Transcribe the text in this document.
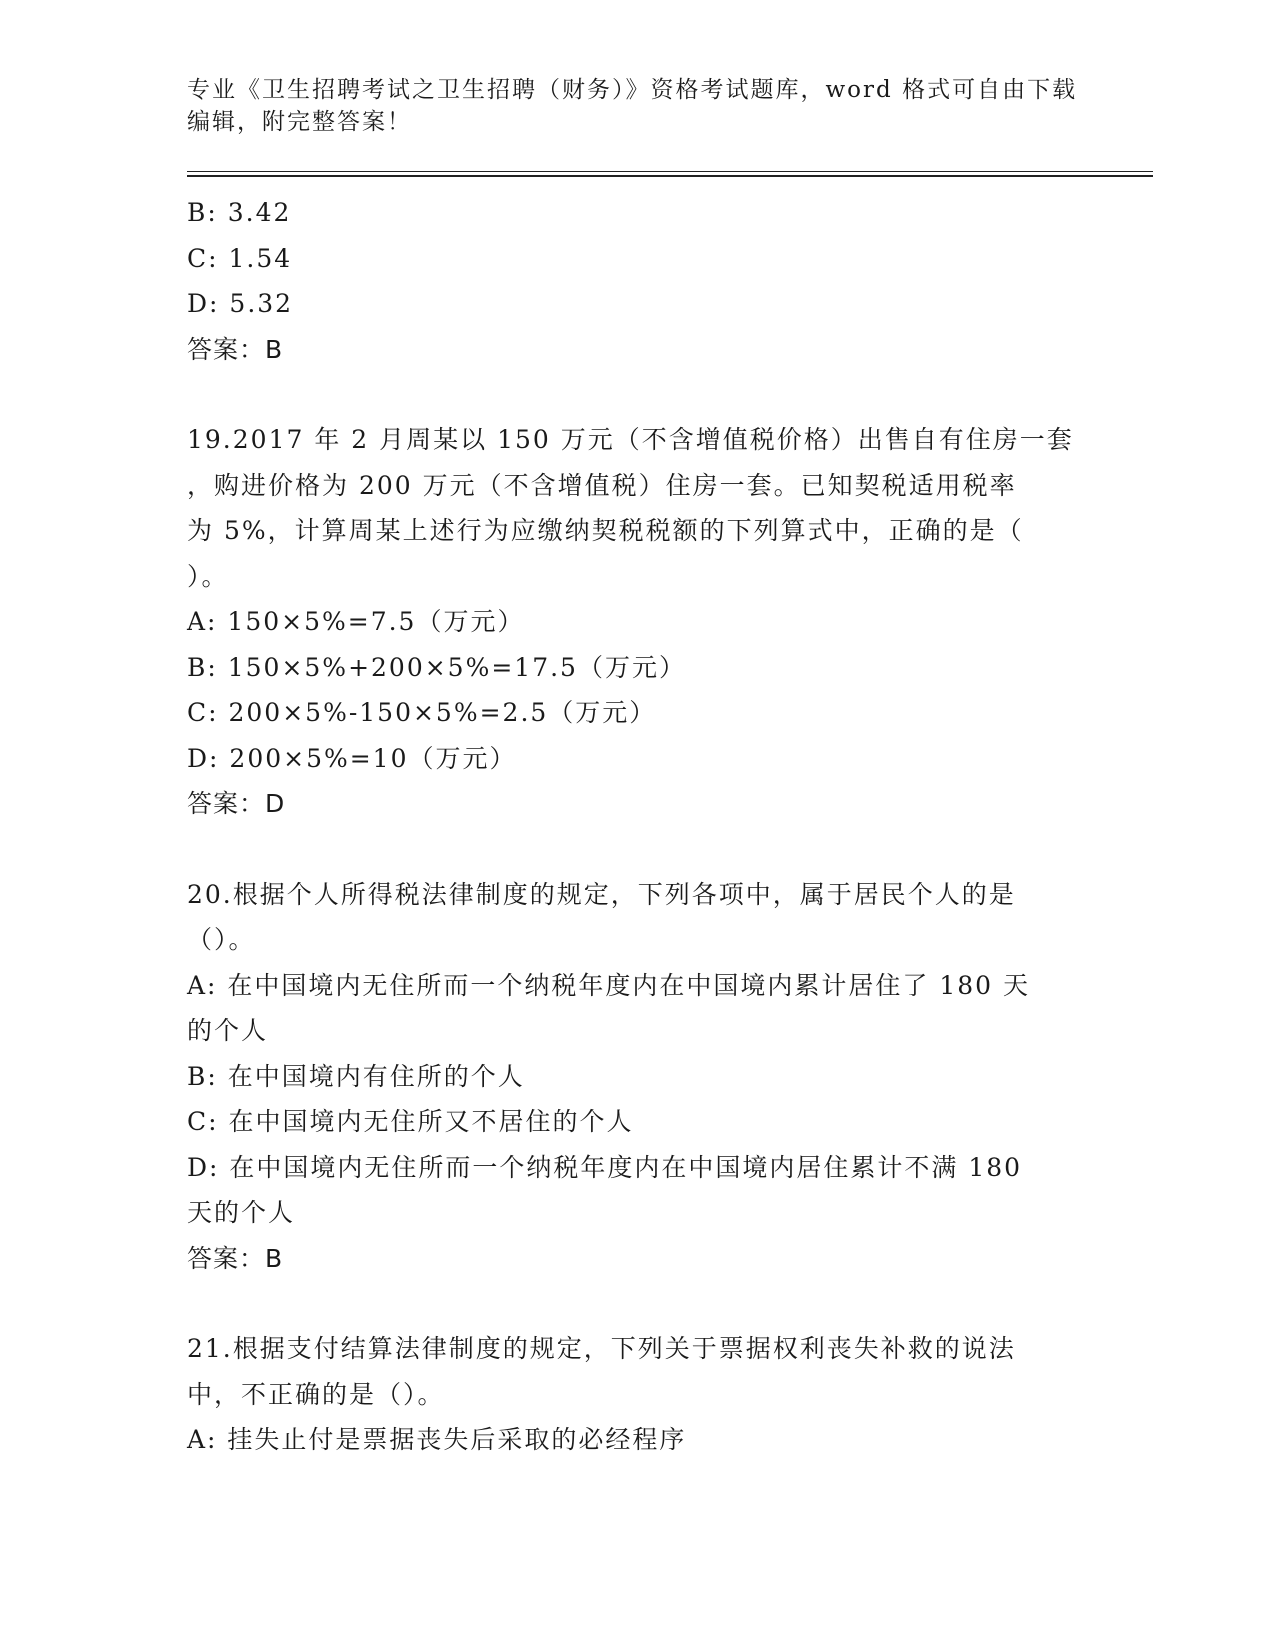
专业《卫生招聘考试之卫生招聘（财务）》资格考试题库，word 格式可自由下载
编辑，附完整答案！
B: 3.42
C: 1.54
D: 5.32
答案：B
19.2017 年 2 月周某以 150 万元（不含增值税价格）出售自有住房一套
，购进价格为 200 万元（不含增值税）住房一套。已知契税适用税率
为 5%，计算周某上述行为应缴纳契税税额的下列算式中，正确的是（
）。
A: 150×5%=7.5（万元）
B: 150×5%+200×5%=17.5（万元）
C: 200×5%-150×5%=2.5（万元）
D: 200×5%=10（万元）
答案：D
20.根据个人所得税法律制度的规定，下列各项中，属于居民个人的是
（）。
A: 在中国境内无住所而一个纳税年度内在中国境内累计居住了 180 天
的个人
B: 在中国境内有住所的个人
C: 在中国境内无住所又不居住的个人
D: 在中国境内无住所而一个纳税年度内在中国境内居住累计不满 180
天的个人
答案：B
21.根据支付结算法律制度的规定，下列关于票据权利丧失补救的说法
中，不正确的是（）。
A: 挂失止付是票据丧失后采取的必经程序
